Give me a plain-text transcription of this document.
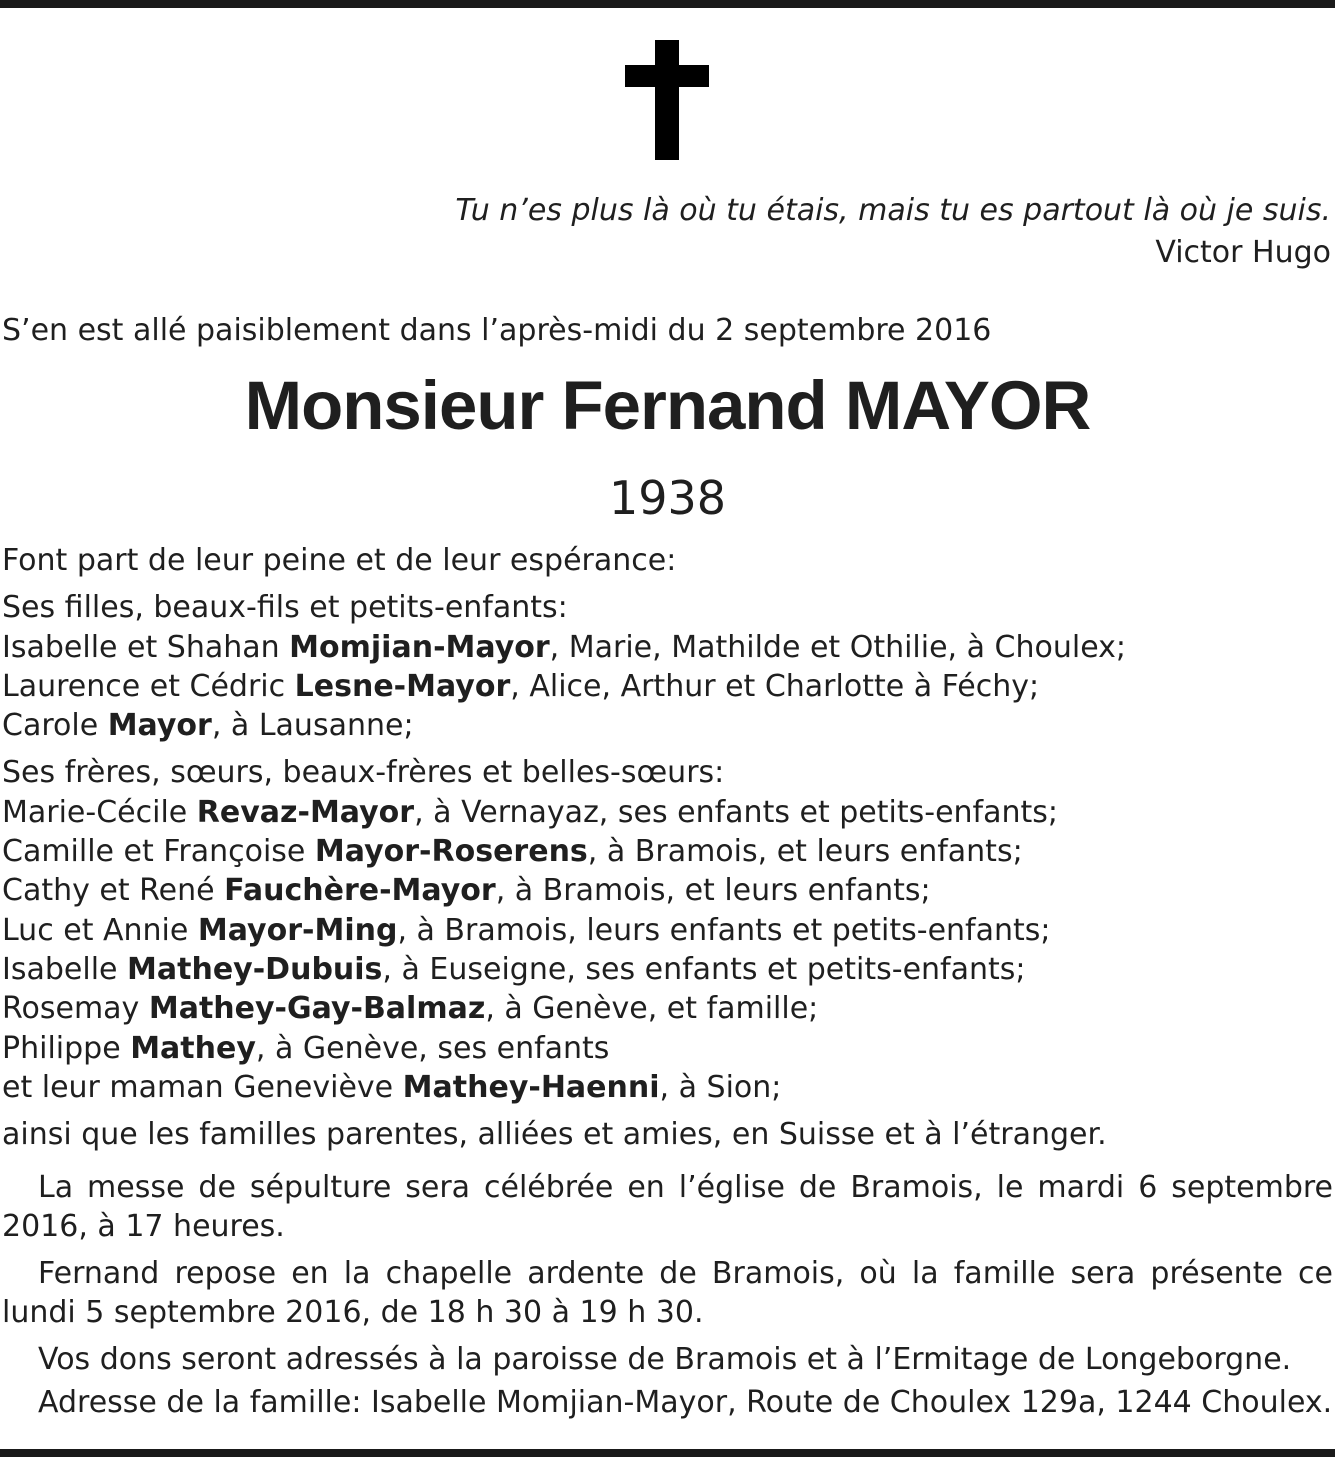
Tu n’es plus là où tu étais, mais tu es partout là où je suis.
Victor Hugo
S’en est allé paisiblement dans l’après-midi du 2 septembre 2016
Monsieur Fernand MAYOR
1938
Font part de leur peine et de leur espérance:
Ses filles, beaux-fils et petits-enfants:
Isabelle et Shahan Momjian-Mayor, Marie, Mathilde et Othilie, à Choulex;
Laurence et Cédric Lesne-Mayor, Alice, Arthur et Charlotte à Féchy;
Carole Mayor, à Lausanne;
Ses frères, sœurs, beaux-frères et belles-sœurs:
Marie-Cécile Revaz-Mayor, à Vernayaz, ses enfants et petits-enfants;
Camille et Françoise Mayor-Roserens, à Bramois, et leurs enfants;
Cathy et René Fauchère-Mayor, à Bramois, et leurs enfants;
Luc et Annie Mayor-Ming, à Bramois, leurs enfants et petits-enfants;
Isabelle Mathey-Dubuis, à Euseigne, ses enfants et petits-enfants;
Rosemay Mathey-Gay-Balmaz, à Genève, et famille;
Philippe Mathey, à Genève, ses enfants
et leur maman Geneviève Mathey-Haenni, à Sion;
ainsi que les familles parentes, alliées et amies, en Suisse et à l’étranger.

La messe de sépulture sera célébrée en l’église de Bramois, le mardi 6 septembre 2016, à 17 heures.

Fernand repose en la chapelle ardente de Bramois, où la famille sera présente ce lundi 5 septembre 2016, de 18 h 30 à 19 h 30.

Vos dons seront adressés à la paroisse de Bramois et à l’Ermitage de Longeborgne.

Adresse de la famille: Isabelle Momjian-Mayor, Route de Choulex 129a, 1244 Choulex.
